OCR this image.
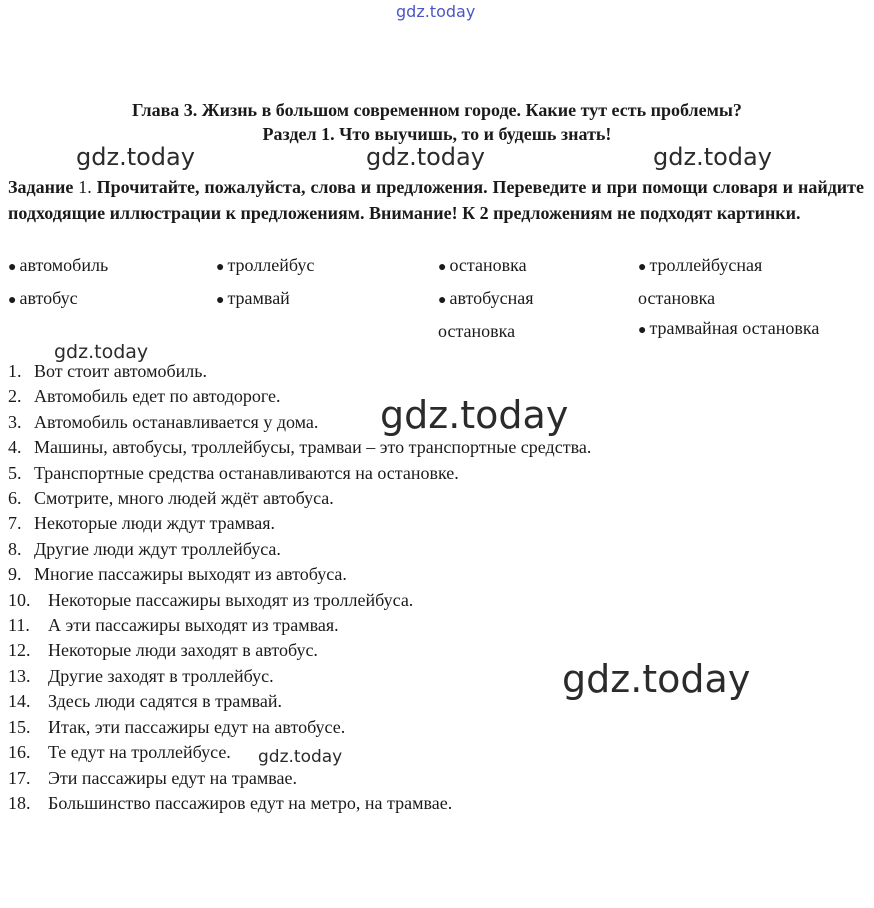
Глава 3. Жизнь в большом современном городе. Какие тут есть проблемы?
Раздел 1. Что выучишь, то и будешь знать!
Задание 1. Прочитайте, пожалуйста, слова и предложения. Переведите и при помощи словаря и найдите подходящие иллюстрации к предложениям. Внимание! К 2 предложениям не подходят картинки.
● автомобиль
● автобус
● троллейбус
● трамвай
● остановка
● автобусная
остановка
● троллейбусная
остановка
● трамвайная остановка
1. Вот стоит автомобиль.
2. Автомобиль едет по автодороге.
3. Автомобиль останавливается у дома.
4. Машины, автобусы, троллейбусы, трамваи – это транспортные средства.
5. Транспортные средства останавливаются на остановке.
6. Смотрите, много людей ждёт автобуса.
7. Некоторые люди ждут трамвая.
8. Другие люди ждут троллейбуса.
9. Многие пассажиры выходят из автобуса.
10. Некоторые пассажиры выходят из троллейбуса.
11. А эти пассажиры выходят из трамвая.
12. Некоторые люди заходят в автобус.
13. Другие заходят в троллейбус.
14. Здесь люди садятся в трамвай.
15. Итак, эти пассажиры едут на автобусе.
16. Те едут на троллейбусе.
17. Эти пассажиры едут на трамвае.
18. Большинство пассажиров едут на метро, на трамвае.
gdz.today
gdz.today	gdz.today	gdz.today
gdz.today
gdz.today
gdz.today
gdz.today
